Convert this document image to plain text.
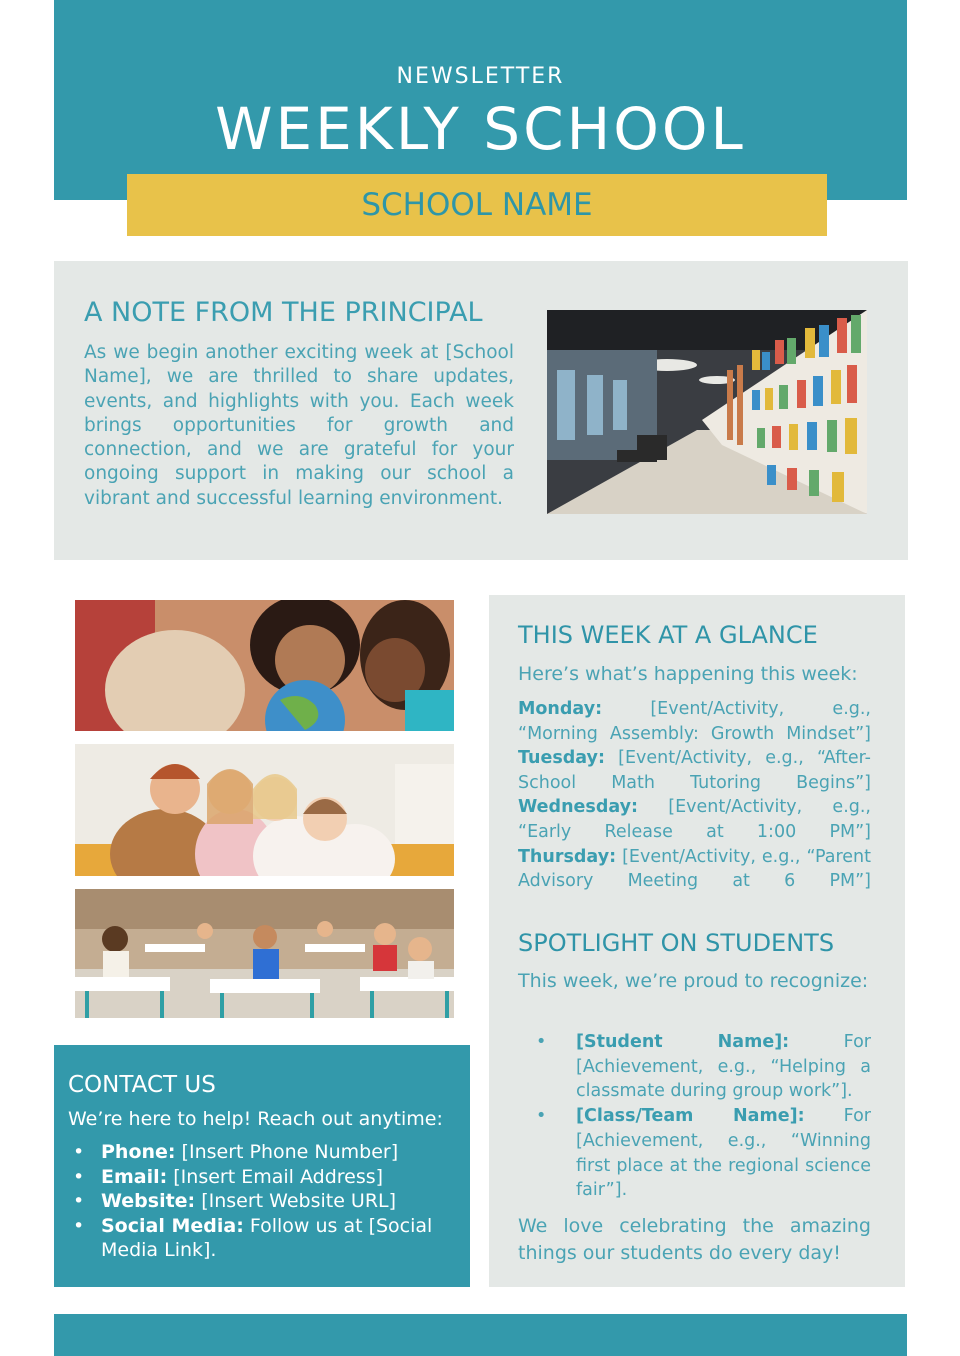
NEWSLETTER
WEEKLY SCHOOL
SCHOOL NAME
A NOTE FROM THE PRINCIPAL

As we begin another exciting week at [School Name], we are thrilled to share updates, events, and highlights with you. Each week brings opportunities for growth and connection, and we are grateful for your ongoing support in making our school a vibrant and successful learning environment.

CONTACT US
We’re here to help! Reach out anytime:
• Phone: [Insert Phone Number]
• Email: [Insert Email Address]
• Website: [Insert Website URL]
• Social Media: Follow us at [Social Media Link].
THIS WEEK AT A GLANCE
Here’s what’s happening this week:
Monday: [Event/Activity, e.g., “Morning Assembly: Growth Mindset”]
Tuesday: [Event/Activity, e.g., “After-School Math Tutoring Begins”]
Wednesday: [Event/Activity, e.g., “Early Release at 1:00 PM”]
Thursday: [Event/Activity, e.g., “Parent Advisory Meeting at 6 PM”]
SPOTLIGHT ON STUDENTS
This week, we’re proud to recognize:
• [Student Name]: For [Achievement, e.g., “Helping a classmate during group work”].
• [Class/Team Name]: For [Achievement, e.g., “Winning first place at the regional science fair”].
We love celebrating the amazing things our students do every day!
